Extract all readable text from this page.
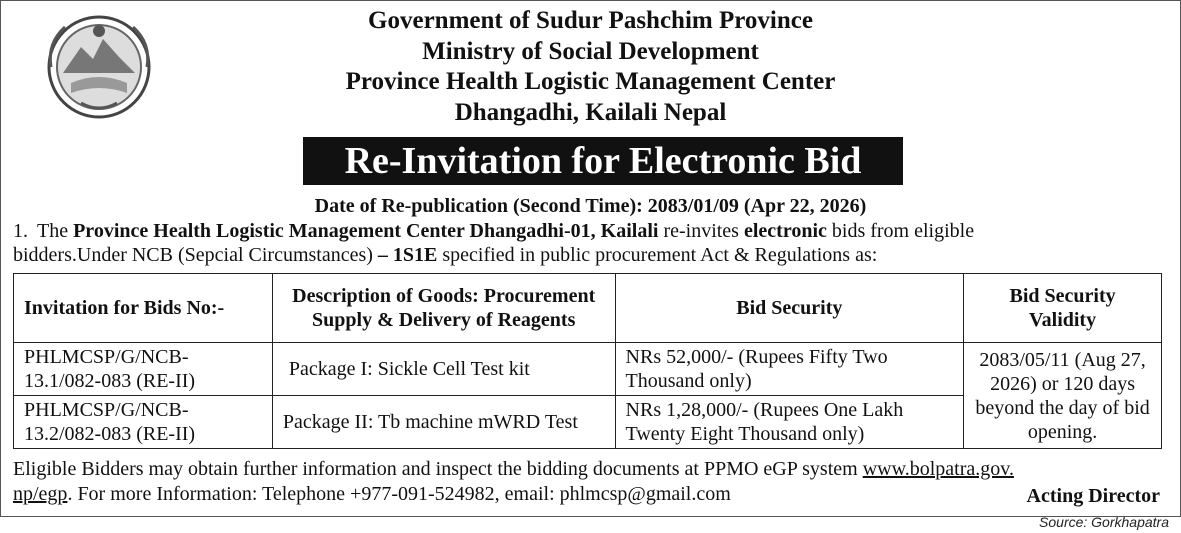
Government of Sudur Pashchim Province
Ministry of Social Development
Province Health Logistic Management Center
Dhangadhi, Kailali Nepal
Re-Invitation for Electronic Bid
Date of Re-publication (Second Time): 2083/01/09 (Apr 22, 2026)
1. The Province Health Logistic Management Center Dhangadhi-01, Kailali re-invites electronic bids from eligible
bidders.Under NCB (Sepcial Circumstances) – 1S1E specified in public procurement Act & Regulations as:
Invitation for Bids No:-	Description of Goods: Procurement Supply & Delivery of Reagents	Bid Security	Bid Security Validity
PHLMCSP/G/NCB-13.1/082-083 (RE-II)	Package I: Sickle Cell Test kit	NRs 52,000/- (Rupees Fifty Two Thousand only)	2083/05/11 (Aug 27, 2026) or 120 days beyond the day of bid opening.
PHLMCSP/G/NCB-13.2/082-083 (RE-II)	Package II: Tb machine mWRD Test	NRs 1,28,000/- (Rupees One Lakh Twenty Eight Thousand only)	
Eligible Bidders may obtain further information and inspect the bidding documents at PPMO eGP system www.bolpatra.gov.
np/egp. For more Information: Telephone +977-091-524982, email: phlmcsp@gmail.com	Acting Director
Source: Gorkhapatra
